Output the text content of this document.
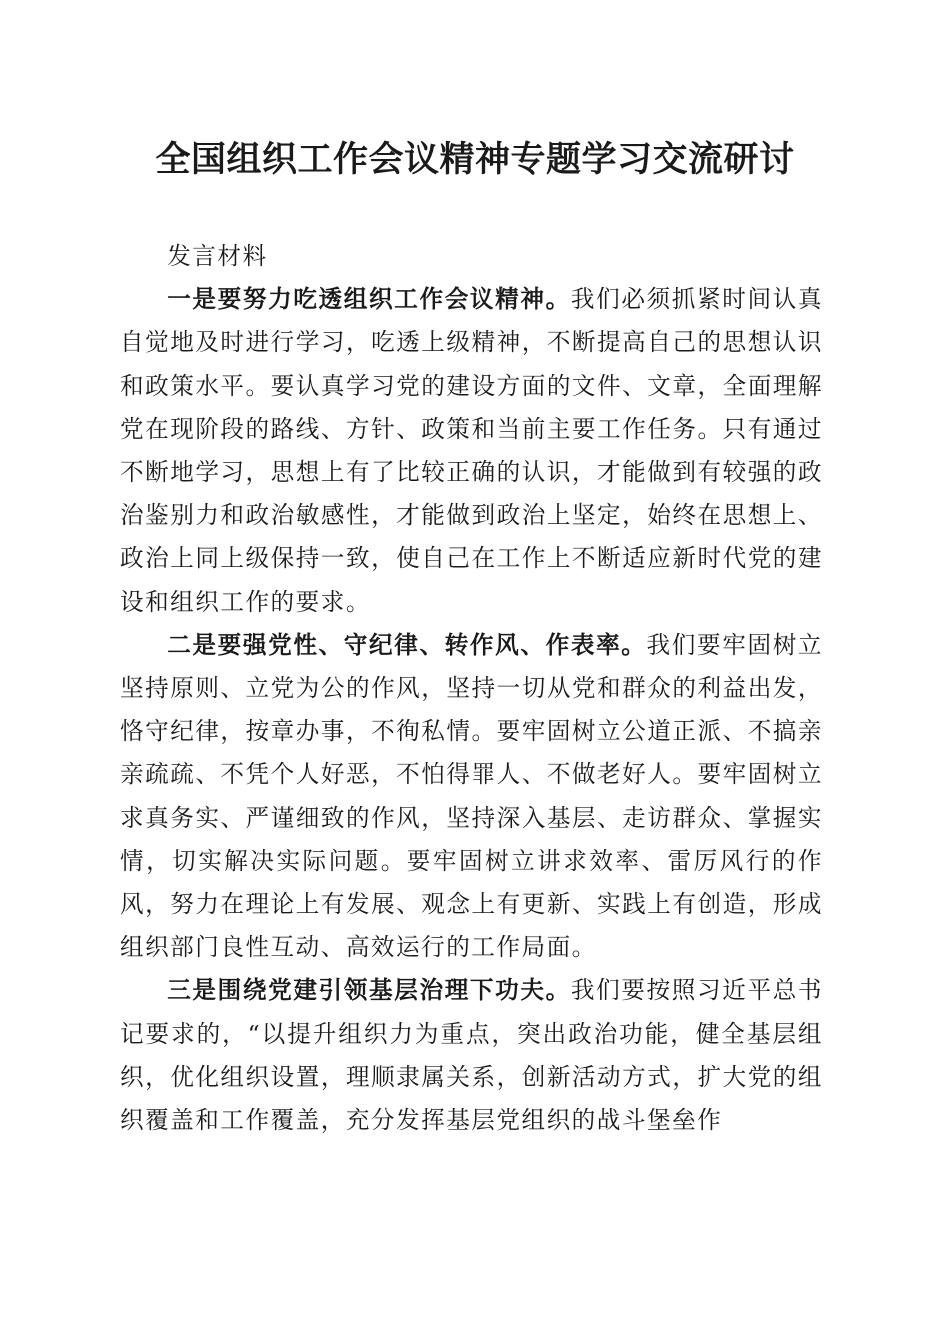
全国组织工作会议精神专题学习交流研讨

发言材料

一是要努力吃透组织工作会议精神。我们必须抓紧时间认真自觉地及时进行学习，吃透上级精神，不断提高自己的思想认识和政策水平。要认真学习党的建设方面的文件、文章，全面理解党在现阶段的路线、方针、政策和当前主要工作任务。只有通过不断地学习，思想上有了比较正确的认识，才能做到有较强的政治鉴别力和政治敏感性，才能做到政治上坚定，始终在思想上、政治上同上级保持一致，使自己在工作上不断适应新时代党的建设和组织工作的要求。

二是要强党性、守纪律、转作风、作表率。我们要牢固树立坚持原则、立党为公的作风，坚持一切从党和群众的利益出发，恪守纪律，按章办事，不徇私情。要牢固树立公道正派、不搞亲亲疏疏、不凭个人好恶，不怕得罪人、不做老好人。要牢固树立求真务实、严谨细致的作风，坚持深入基层、走访群众、掌握实情，切实解决实际问题。要牢固树立讲求效率、雷厉风行的作风，努力在理论上有发展、观念上有更新、实践上有创造，形成组织部门良性互动、高效运行的工作局面。

三是围绕党建引领基层治理下功夫。我们要按照习近平总书记要求的，“以提升组织力为重点，突出政治功能，健全基层组织，优化组织设置，理顺隶属关系，创新活动方式，扩大党的组织覆盖和工作覆盖，充分发挥基层党组织的战斗堡垒作
